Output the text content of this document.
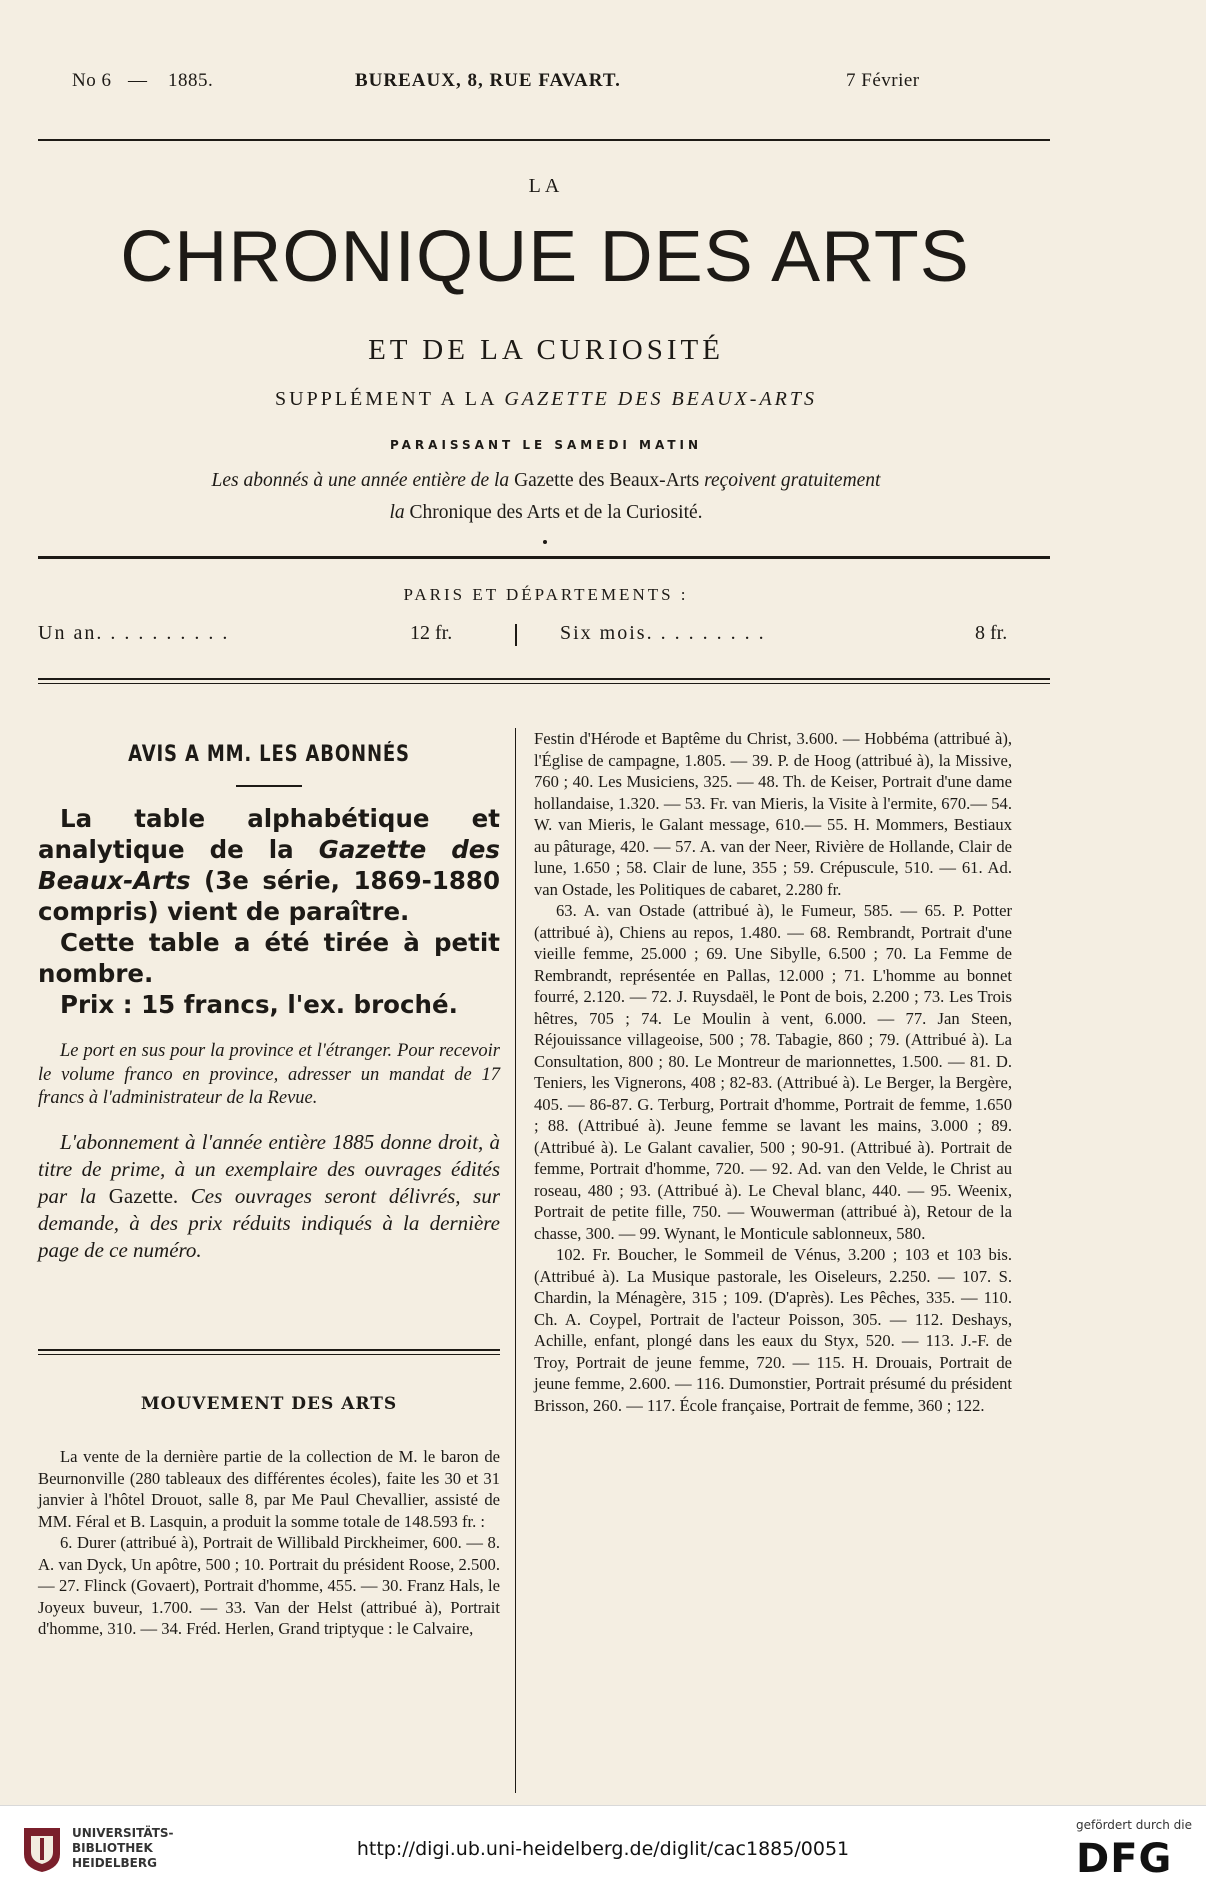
No 6 — 1885.	BUREAUX, 8, RUE FAVART.	7 Février
LA
CHRONIQUE DES ARTS
ET DE LA CURIOSITÉ
SUPPLÉMENT A LA GAZETTE DES BEAUX-ARTS
PARAISSANT LE SAMEDI MATIN
Les abonnés à une année entière de la Gazette des Beaux-Arts reçoivent gratuitement
la Chronique des Arts et de la Curiosité.
PARIS ET DÉPARTEMENTS :
Un an. . . . . . . . . .	12 fr.	Six mois. . . . . . . . .	8 fr.
AVIS A MM. LES ABONNÉS
La table alphabétique et analytique de la Gazette des Beaux-Arts (3e série, 1869-1880 compris) vient de paraître.
Cette table a été tirée à petit nombre.
Prix : 15 francs, l'ex. broché.
Le port en sus pour la province et l'étranger. Pour recevoir le volume franco en province, adresser un mandat de 17 francs à l'administrateur de la Revue.
L'abonnement à l'année entière 1885 donne droit, à titre de prime, à un exemplaire des ouvrages édités par la Gazette. Ces ouvrages seront délivrés, sur demande, à des prix réduits indiqués à la dernière page de ce numéro.
MOUVEMENT DES ARTS

La vente de la dernière partie de la collection de M. le baron de Beurnonville (280 tableaux des différentes écoles), faite les 30 et 31 janvier à l'hôtel Drouot, salle 8, par Me Paul Chevallier, assisté de MM. Féral et B. Lasquin, a produit la somme totale de 148.593 fr. :

6. Durer (attribué à), Portrait de Willibald Pirckheimer, 600. — 8. A. van Dyck, Un apôtre, 500 ; 10. Portrait du président Roose, 2.500. — 27. Flinck (Govaert), Portrait d'homme, 455. — 30. Franz Hals, le Joyeux buveur, 1.700. — 33. Van der Helst (attribué à), Portrait d'homme, 310. — 34. Fréd. Herlen, Grand triptyque : le Calvaire,

Festin d'Hérode et Baptême du Christ, 3.600. — Hobbéma (attribué à), l'Église de campagne, 1.805. — 39. P. de Hoog (attribué à), la Missive, 760 ; 40. Les Musiciens, 325. — 48. Th. de Keiser, Portrait d'une dame hollandaise, 1.320. — 53. Fr. van Mieris, la Visite à l'ermite, 670.— 54. W. van Mieris, le Galant message, 610.— 55. H. Mommers, Bestiaux au pâturage, 420. — 57. A. van der Neer, Rivière de Hollande, Clair de lune, 1.650 ; 58. Clair de lune, 355 ; 59. Crépuscule, 510. — 61. Ad. van Ostade, les Politiques de cabaret, 2.280 fr.

63. A. van Ostade (attribué à), le Fumeur, 585. — 65. P. Potter (attribué à), Chiens au repos, 1.480. — 68. Rembrandt, Portrait d'une vieille femme, 25.000 ; 69. Une Sibylle, 6.500 ; 70. La Femme de Rembrandt, représentée en Pallas, 12.000 ; 71. L'homme au bonnet fourré, 2.120. — 72. J. Ruysdaël, le Pont de bois, 2.200 ; 73. Les Trois hêtres, 705 ; 74. Le Moulin à vent, 6.000. — 77. Jan Steen, Réjouissance villageoise, 500 ; 78. Tabagie, 860 ; 79. (Attribué à). La Consultation, 800 ; 80. Le Montreur de marionnettes, 1.500. — 81. D. Teniers, les Vignerons, 408 ; 82-83. (Attribué à). Le Berger, la Bergère, 405. — 86-87. G. Terburg, Portrait d'homme, Portrait de femme, 1.650 ; 88. (Attribué à). Jeune femme se lavant les mains, 3.000 ; 89. (Attribué à). Le Galant cavalier, 500 ; 90-91. (Attribué à). Portrait de femme, Portrait d'homme, 720. — 92. Ad. van den Velde, le Christ au roseau, 480 ; 93. (Attribué à). Le Cheval blanc, 440. — 95. Weenix, Portrait de petite fille, 750. — Wouwerman (attribué à), Retour de la chasse, 300. — 99. Wynant, le Monticule sablonneux, 580.

102. Fr. Boucher, le Sommeil de Vénus, 3.200 ; 103 et 103 bis. (Attribué à). La Musique pastorale, les Oiseleurs, 2.250. — 107. S. Chardin, la Ménagère, 315 ; 109. (D'après). Les Pêches, 335. — 110. Ch. A. Coypel, Portrait de l'acteur Poisson, 305. — 112. Deshays, Achille, enfant, plongé dans les eaux du Styx, 520. — 113. J.-F. de Troy, Portrait de jeune femme, 720. — 115. H. Drouais, Portrait de jeune femme, 2.600. — 116. Dumonstier, Portrait présumé du président Brisson, 260. — 117. École française, Portrait de femme, 360 ; 122.

UNIVERSITÄTS-
BIBLIOTHEK
HEIDELBERG
http://digi.ub.uni-heidelberg.de/diglit/cac1885/0051
gefördert durch die
DFG
